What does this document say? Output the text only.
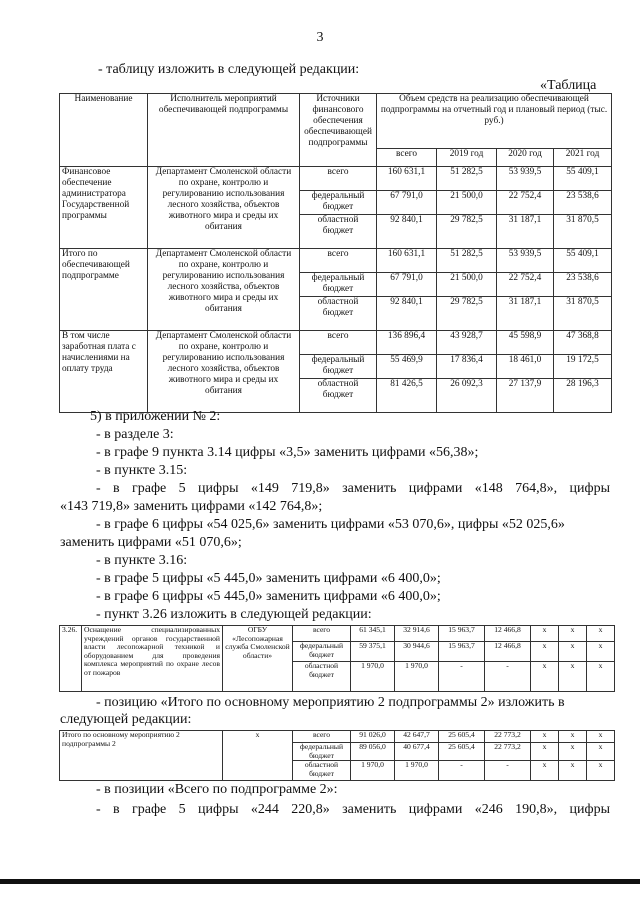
3
- таблицу изложить в следующей редакции:
«Таблица
Наименование	Исполнитель мероприятий обеспечивающей подпрограммы	Источники финансового обеспечения обеспечивающей подпрограммы	Объем средств на реализацию обеспечивающей подпрограммы на отчетный год и плановый период (тыс. руб.)			
			всего	2019 год	2020 год	2021 год
Финансовое обеспечение администратора Государственной программы	Департамент Смоленской области по охране, контролю и регулированию использования лесного хозяйства, объектов животного мира и среды их обитания	всего	160 631,1	51 282,5	53 939,5	55 409,1
		федеральный бюджет	67 791,0	21 500,0	22 752,4	23 538,6
		областной бюджет	92 840,1	29 782,5	31 187,1	31 870,5
Итого по обеспечивающей подпрограмме	Департамент Смоленской области по охране, контролю и регулированию использования лесного хозяйства, объектов животного мира и среды их обитания	всего	160 631,1	51 282,5	53 939,5	55 409,1
		федеральный бюджет	67 791,0	21 500,0	22 752,4	23 538,6
		областной бюджет	92 840,1	29 782,5	31 187,1	31 870,5
В том числе заработная плата с начислениями на оплату труда	Департамент Смоленской области по охране, контролю и регулированию использования лесного хозяйства, объектов животного мира и среды их обитания	всего	136 896,4	43 928,7	45 598,9	47 368,8
		федеральный бюджет	55 469,9	17 836,4	18 461,0	19 172,5
		областной бюджет	81 426,5	26 092,3	27 137,9	28 196,3
5) в приложении № 2:
- в разделе 3:
- в графе 9 пункта 3.14 цифры «3,5» заменить цифрами «56,38»;
- в пункте 3.15:
- в графе 5 цифры «149 719,8» заменить цифрами «148 764,8», цифры
«143 719,8» заменить цифрами «142 764,8»;
- в графе 6 цифры «54 025,6» заменить цифрами «53 070,6», цифры «52 025,6»
заменить цифрами «51 070,6»;
- в пункте 3.16:
- в графе 5 цифры «5 445,0» заменить цифрами «6 400,0»;
- в графе 6 цифры «5 445,0» заменить цифрами «6 400,0»;
3.26.	Оснащение специализированных учреждений органов государственной власти лесопожарной техникой и оборудованием для проведения комплекса мероприятий по охране лесов от пожаров	ОГБУ «Лесопожарная служба Смоленской области»	всего	61 345,1	32 914,6	15 963,7	12 466,8	x	x	x
			федеральный бюджет	59 375,1	30 944,6	15 963,7	12 466,8	x	x	x
			областной бюджет	1 970,0	1 970,0	-	-	x	x	x
- позицию «Итого по основному мероприятию 2 подпрограммы 2» изложить в
следующей редакции:
Итого по основному мероприятию 2 подпрограммы 2	x	всего	91 026,0	42 647,7	25 605,4	22 773,2	x	x	x
		федеральный бюджет	89 056,0	40 677,4	25 605,4	22 773,2	x	x	x
		областной бюджет	1 970,0	1 970,0	-	-	x	x	x
- в позиции «Всего по подпрограмме 2»:
- в графе 5 цифры «244 220,8» заменить цифрами «246 190,8», цифры
- пункт 3.26 изложить в следующей редакции:
